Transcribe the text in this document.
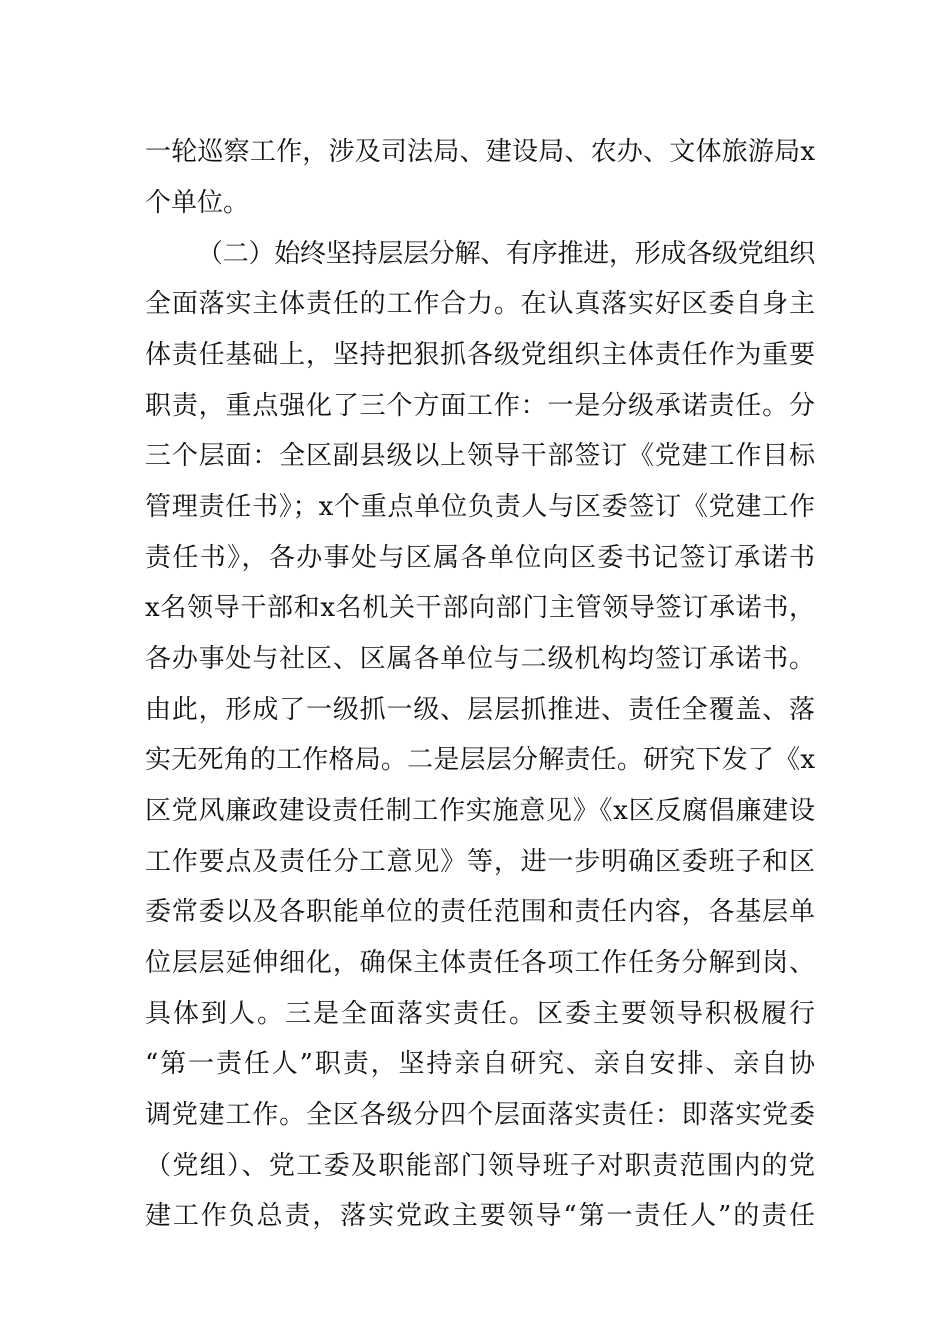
一轮巡察工作，涉及司法局、建设局、农办、文体旅游局x
个单位。
（二）始终坚持层层分解、有序推进，形成各级党组织
全面落实主体责任的工作合力。在认真落实好区委自身主
体责任基础上，坚持把狠抓各级党组织主体责任作为重要
职责，重点强化了三个方面工作：一是分级承诺责任。分
三个层面：全区副县级以上领导干部签订《党建工作目标
管理责任书》；x个重点单位负责人与区委签订《党建工作
责任书》，各办事处与区属各单位向区委书记签订承诺书
x名领导干部和x名机关干部向部门主管领导签订承诺书，
各办事处与社区、区属各单位与二级机构均签订承诺书。
由此，形成了一级抓一级、层层抓推进、责任全覆盖、落
实无死角的工作格局。二是层层分解责任。研究下发了《x
区党风廉政建设责任制工作实施意见》《x区反腐倡廉建设
工作要点及责任分工意见》等，进一步明确区委班子和区
委常委以及各职能单位的责任范围和责任内容，各基层单
位层层延伸细化，确保主体责任各项工作任务分解到岗、
具体到人。三是全面落实责任。区委主要领导积极履行
“第一责任人”职责，坚持亲自研究、亲自安排、亲自协
调党建工作。全区各级分四个层面落实责任：即落实党委
（党组）、党工委及职能部门领导班子对职责范围内的党
建工作负总责，落实党政主要领导“第一责任人”的责任
